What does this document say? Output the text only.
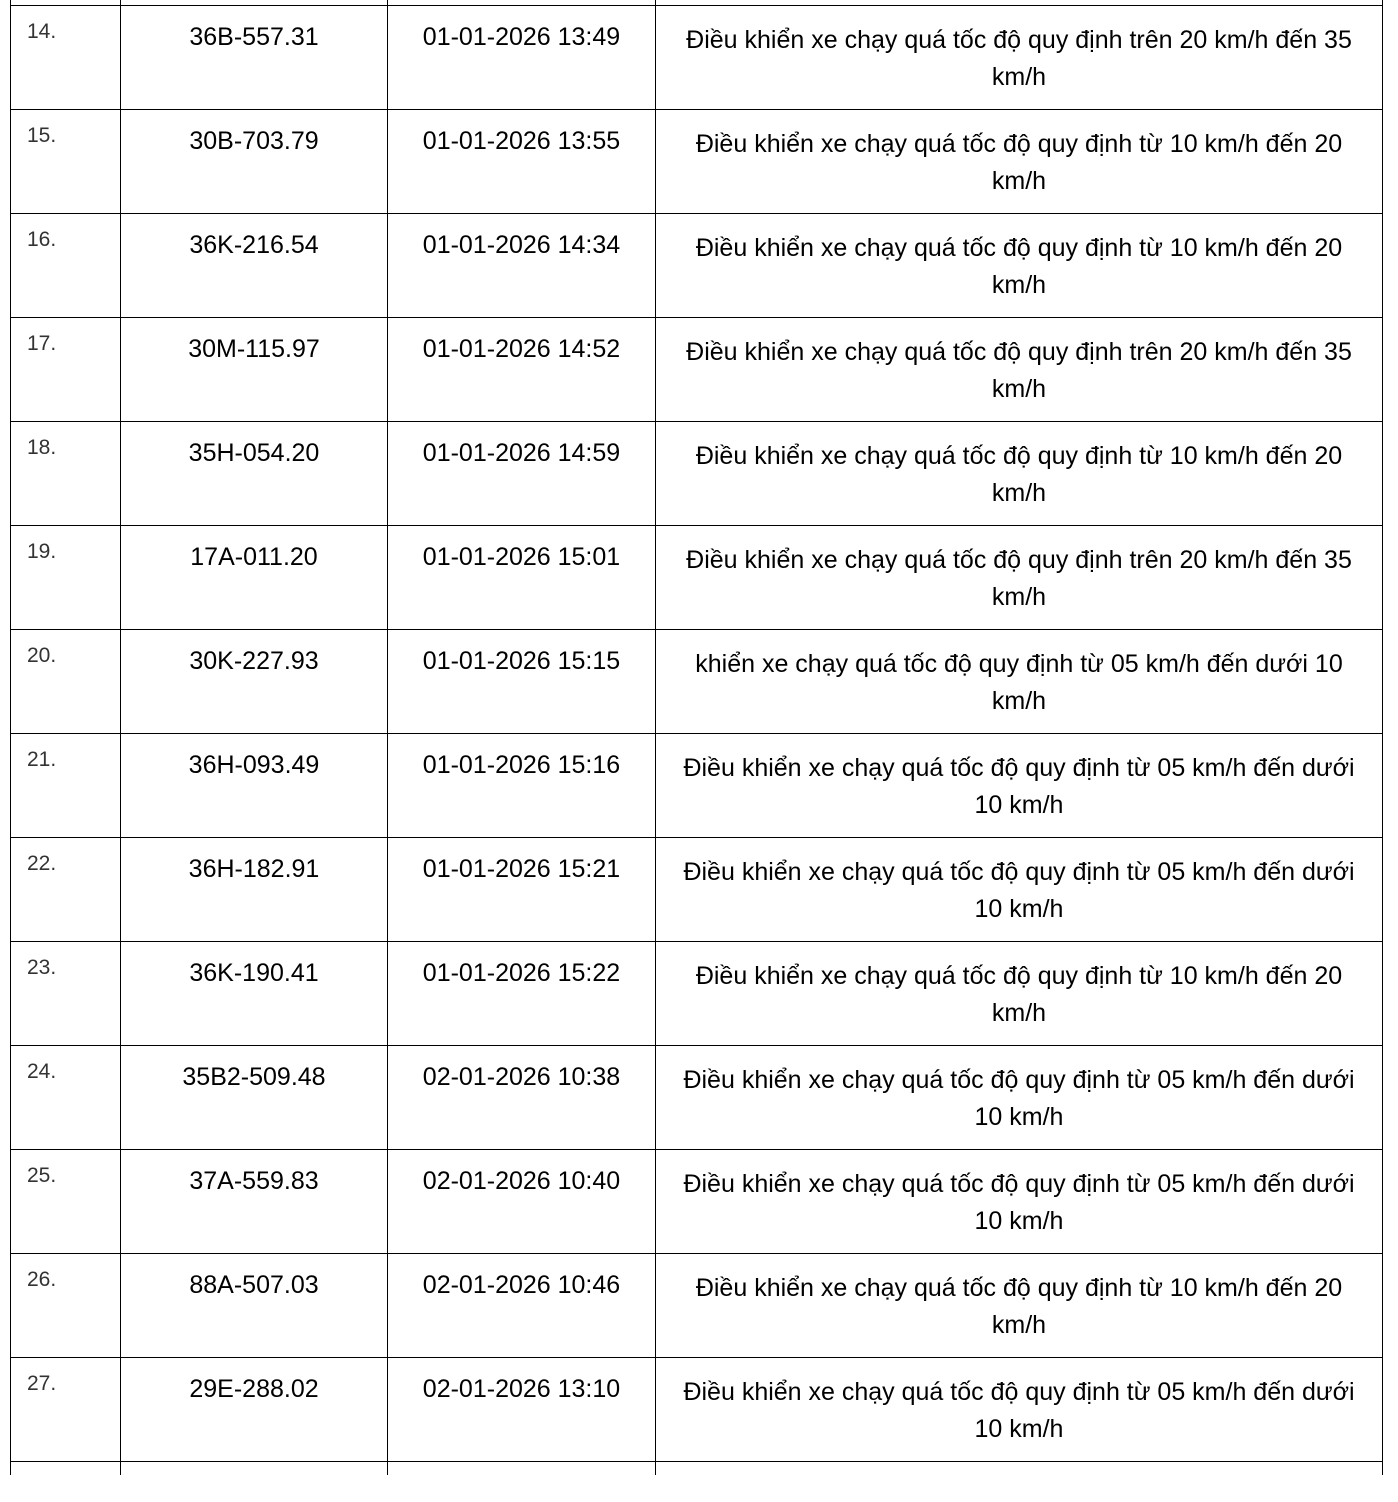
14.	36B-557.31	01-01-2026 13:49	Điều khiển xe chạy quá tốc độ quy định trên 20 km/h đến 35 km/h
15.	30B-703.79	01-01-2026 13:55	Điều khiển xe chạy quá tốc độ quy định từ 10 km/h đến 20 km/h
16.	36K-216.54	01-01-2026 14:34	Điều khiển xe chạy quá tốc độ quy định từ 10 km/h đến 20 km/h
17.	30M-115.97	01-01-2026 14:52	Điều khiển xe chạy quá tốc độ quy định trên 20 km/h đến 35 km/h
18.	35H-054.20	01-01-2026 14:59	Điều khiển xe chạy quá tốc độ quy định từ 10 km/h đến 20 km/h
19.	17A-011.20	01-01-2026 15:01	Điều khiển xe chạy quá tốc độ quy định trên 20 km/h đến 35 km/h
20.	30K-227.93	01-01-2026 15:15	khiển xe chạy quá tốc độ quy định từ 05 km/h đến dưới 10 km/h
21.	36H-093.49	01-01-2026 15:16	Điều khiển xe chạy quá tốc độ quy định từ 05 km/h đến dưới 10 km/h
22.	36H-182.91	01-01-2026 15:21	Điều khiển xe chạy quá tốc độ quy định từ 05 km/h đến dưới 10 km/h
23.	36K-190.41	01-01-2026 15:22	Điều khiển xe chạy quá tốc độ quy định từ 10 km/h đến 20 km/h
24.	35B2-509.48	02-01-2026 10:38	Điều khiển xe chạy quá tốc độ quy định từ 05 km/h đến dưới 10 km/h
25.	37A-559.83	02-01-2026 10:40	Điều khiển xe chạy quá tốc độ quy định từ 05 km/h đến dưới 10 km/h
26.	88A-507.03	02-01-2026 10:46	Điều khiển xe chạy quá tốc độ quy định từ 10 km/h đến 20 km/h
27.	29E-288.02	02-01-2026 13:10	Điều khiển xe chạy quá tốc độ quy định từ 05 km/h đến dưới 10 km/h
